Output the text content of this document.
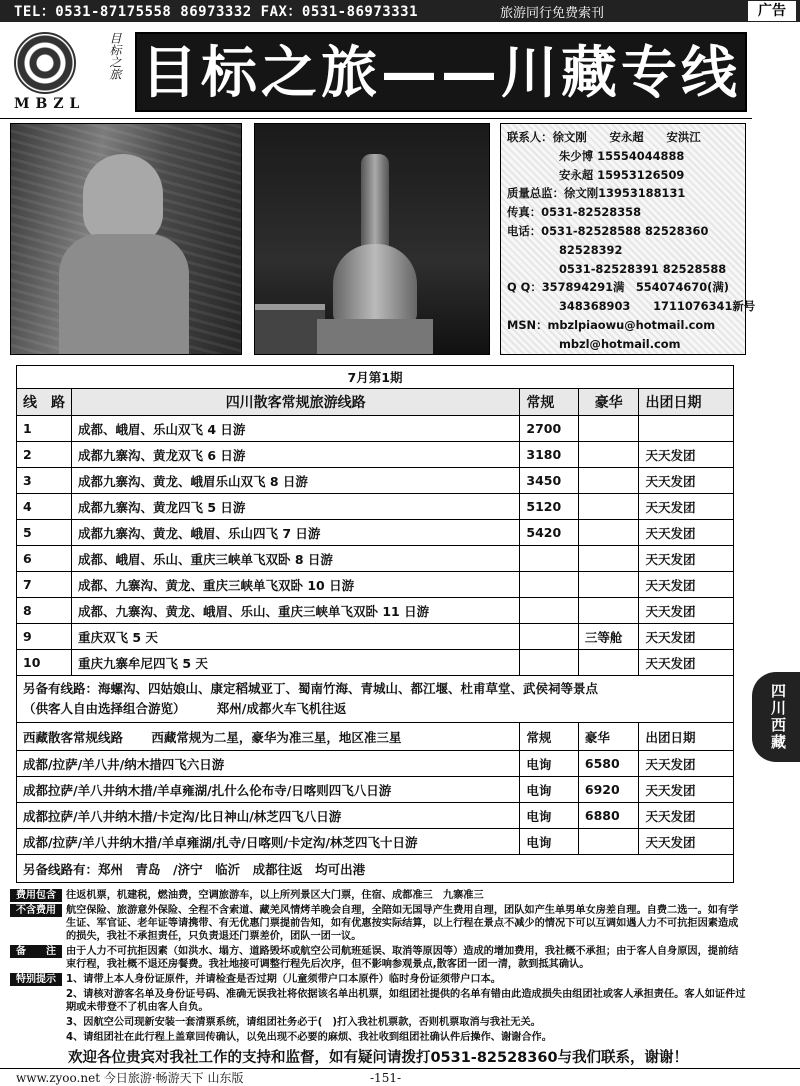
TEL：0531-87175558 86973332 FAX：0531-86973331	旅游同行免费索刊	广告
目标之旅
MBZL 目标之旅——川藏专线
四川西藏
联系人：徐文刚　　安永超　　安洪江
朱少博 15554044888
安永超 15953126509
质量总监：徐文刚13953188131
传真：0531-82528358
电话：0531-82528588 82528360
82528392
0531-82528391 82528588
Q Q：357894291满　554074670(满)
348368903　　1711076341新号
MSN：mbzlpiaowu@hotmail.com
mbzl@hotmail.com
7月第1期				
线　路	四川散客常规旅游线路	常规	豪华	出团日期
1	成都、峨眉、乐山双飞 4 日游	2700		
2	成都九寨沟、黄龙双飞 6 日游	3180		天天发团
3	成都九寨沟、黄龙、峨眉乐山双飞 8 日游	3450		天天发团
4	成都九寨沟、黄龙四飞 5 日游	5120		天天发团
5	成都九寨沟、黄龙、峨眉、乐山四飞 7 日游	5420		天天发团
6	成都、峨眉、乐山、重庆三峡单飞双卧 8 日游			天天发团
7	成都、九寨沟、黄龙、重庆三峡单飞双卧 10 日游			天天发团
8	成都、九寨沟、黄龙、峨眉、乐山、重庆三峡单飞双卧 11 日游			天天发团
9	重庆双飞 5 天		三等舱	天天发团
10	重庆九寨牟尼四飞 5 天			天天发团

另备有线路：海螺沟、四姑娘山、康定稻城亚丁、蜀南竹海、青城山、都江堰、杜甫草堂、武侯祠等景点
（供客人自由选择组合游览）　　　郑州/成都火车飞机往返				

西藏散客常规线路 西藏常规为二星，豪华为准三星，地区准三星		常规	豪华	出团日期
成都/拉萨/羊八井/纳木措四飞六日游		电询	6580	天天发团
成都拉萨/羊八井纳木措/羊卓雍湖/扎什么伦布寺/日喀则四飞八日游		电询	6920	天天发团
成都拉萨/羊八井纳木措/卡定沟/比日神山/林芝四飞八日游		电询	6880	天天发团
成都/拉萨/羊八井纳木措/羊卓雍湖/扎寺/日喀则/卡定沟/林芝四飞十日游		电询		天天发团
另备线路有：郑州　青岛　/济宁　临沂　成都往返　均可出港				
费用包含 往返机票，机建税，燃油费，空调旅游车，以上所列景区大门票，住宿、成都准三　九寨准三
不含费用 航空保险、旅游意外保险、全程不含索道、藏羌风情烤羊晚会自理，全陪如无国导产生费用自理，团队如产生单男单女房差自理。自费二选一。如有学生证、军官证、老年证等请携带、有无优惠门票提前告知，如有优惠按实际结算，以上行程在景点不减少的情况下可以互调如遇人力不可抗拒因素造成的损失，我社不承担责任，只负责退还门票差价，团队一团一议。
备　　注 由于人力不可抗拒因素（如洪水、塌方、道路毁坏或航空公司航班延误、取消等原因等）造成的增加费用，我社概不承担；由于客人自身原因，提前结束行程，我社概不退还房餐费。我社地接可调整行程先后次序，但不影响参观景点,散客团一团一清，款到抵其确认。
特别提示 1、请带上本人身份证原件，并请检查是否过期（儿童须带户口本原件）临时身份证须带户口本。
2、请核对游客名单及身份证号码、准确无误我社将依据该名单出机票，如组团社提供的名单有错由此造成损失由组团社或客人承担责任。客人如证件过期或未带登不了机由客人自负。
3、因航空公司现新安装一套清票系统，请组团社务必于(　)打入我社机票款，否则机票取消与我社无关。
4、请组团社在此行程上盖章回传确认，以免出现不必要的麻烦、我社收到组团社确认件后操作、谢谢合作。
欢迎各位贵宾对我社工作的支持和监督，如有疑问请拨打0531-82528360与我们联系，谢谢！
www.zyoo.net 今日旅游·畅游天下 山东版	-151-
